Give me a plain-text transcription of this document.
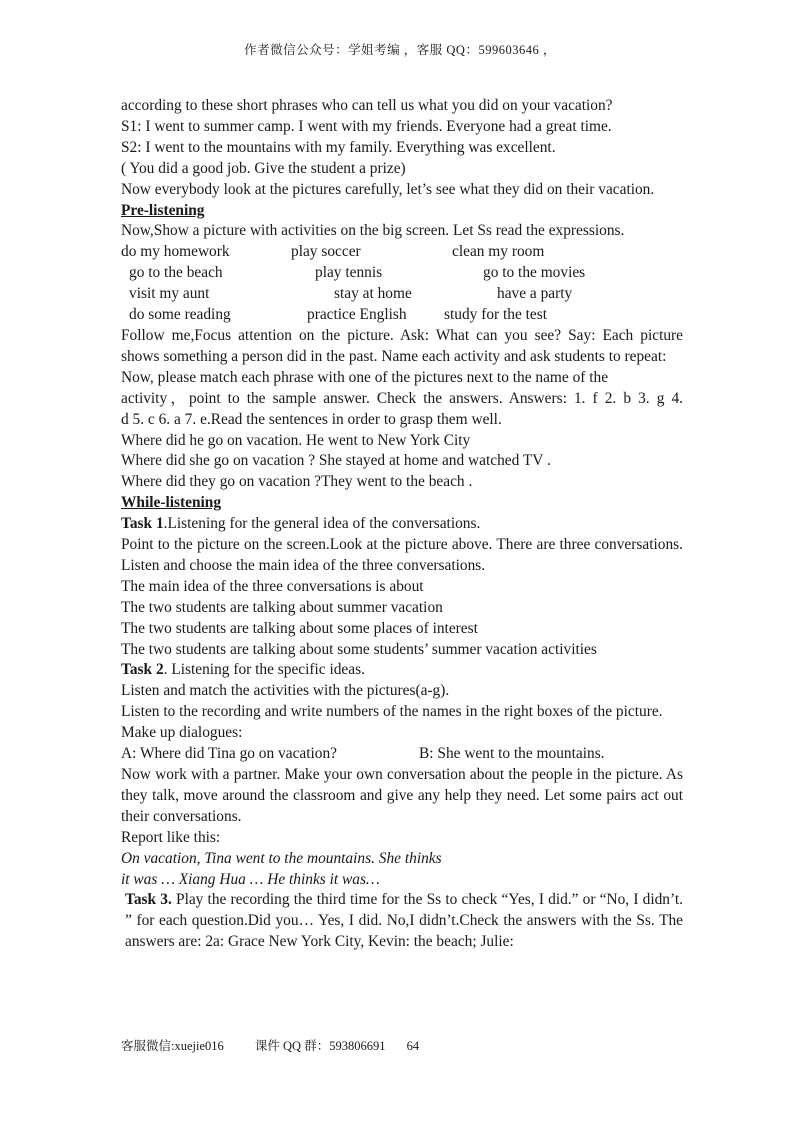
作者微信公众号：学姐考编 ，客服 QQ：599603646 ，

according to these short phrases who can tell us what you did on your vacation?

S1: I went to summer camp. I went with my friends. Everyone had a great time.

S2: I went to the mountains with my family. Everything was excellent.

( You did a good job. Give the student a prize)

Now everybody look at the pictures carefully, let’s see what they did on their vacation.

Pre-listening

Now,Show a picture with activities on the big screen. Let Ss read the expressions.

do my homework	play soccer	clean my room
go to the beach	play tennis	go to the movies
visit my aunt	stay at home	have a party
do some reading	practice English	study for the test

Follow me,Focus attention on the picture. Ask: What can you see? Say: Each picture shows something a person did in the past. Name each activity and ask students to repeat:

Now, please match each phrase with one of the pictures next to the name of the

activity，point to the sample answer. Check the answers. Answers: 1. f 2. b 3. g 4.

d 5. c 6. a 7. e.Read the sentences in order to grasp them well.

Where did he go on vacation. He went to New York City

Where did she go on vacation ? She stayed at home and watched TV .

Where did they go on vacation ?They went to the beach .

While-listening

Task 1.Listening for the general idea of the conversations.

Point to the picture on the screen.Look at the picture above. There are three conversations. Listen and choose the main idea of the three conversations.

The main idea of the three conversations is about

The two students are talking about summer vacation

The two students are talking about some places of interest

The two students are talking about some students’ summer vacation activities

Task 2. Listening for the specific ideas.

Listen and match the activities with the pictures(a-g).

Listen to the recording and write numbers of the names in the right boxes of the picture.

Make up dialogues:

A: Where did Tina go on vacation?	B: She went to the mountains.

Now work with a partner. Make your own conversation about the people in the picture. As they talk, move around the classroom and give any help they need. Let some pairs act out their conversations.

Report like this:

On vacation, Tina went to the mountains. She thinks

it was … Xiang Hua … He thinks it was…

Task 3. Play the recording the third time for the Ss to check “Yes, I did.” or “No, I didn’t. ” for each question.Did you… Yes, I did. No,I didn’t.Check the answers with the Ss. The answers are: 2a: Grace New York City, Kevin: the beach; Julie:

客服微信:xuejie016 课件 QQ 群：593806691 64
